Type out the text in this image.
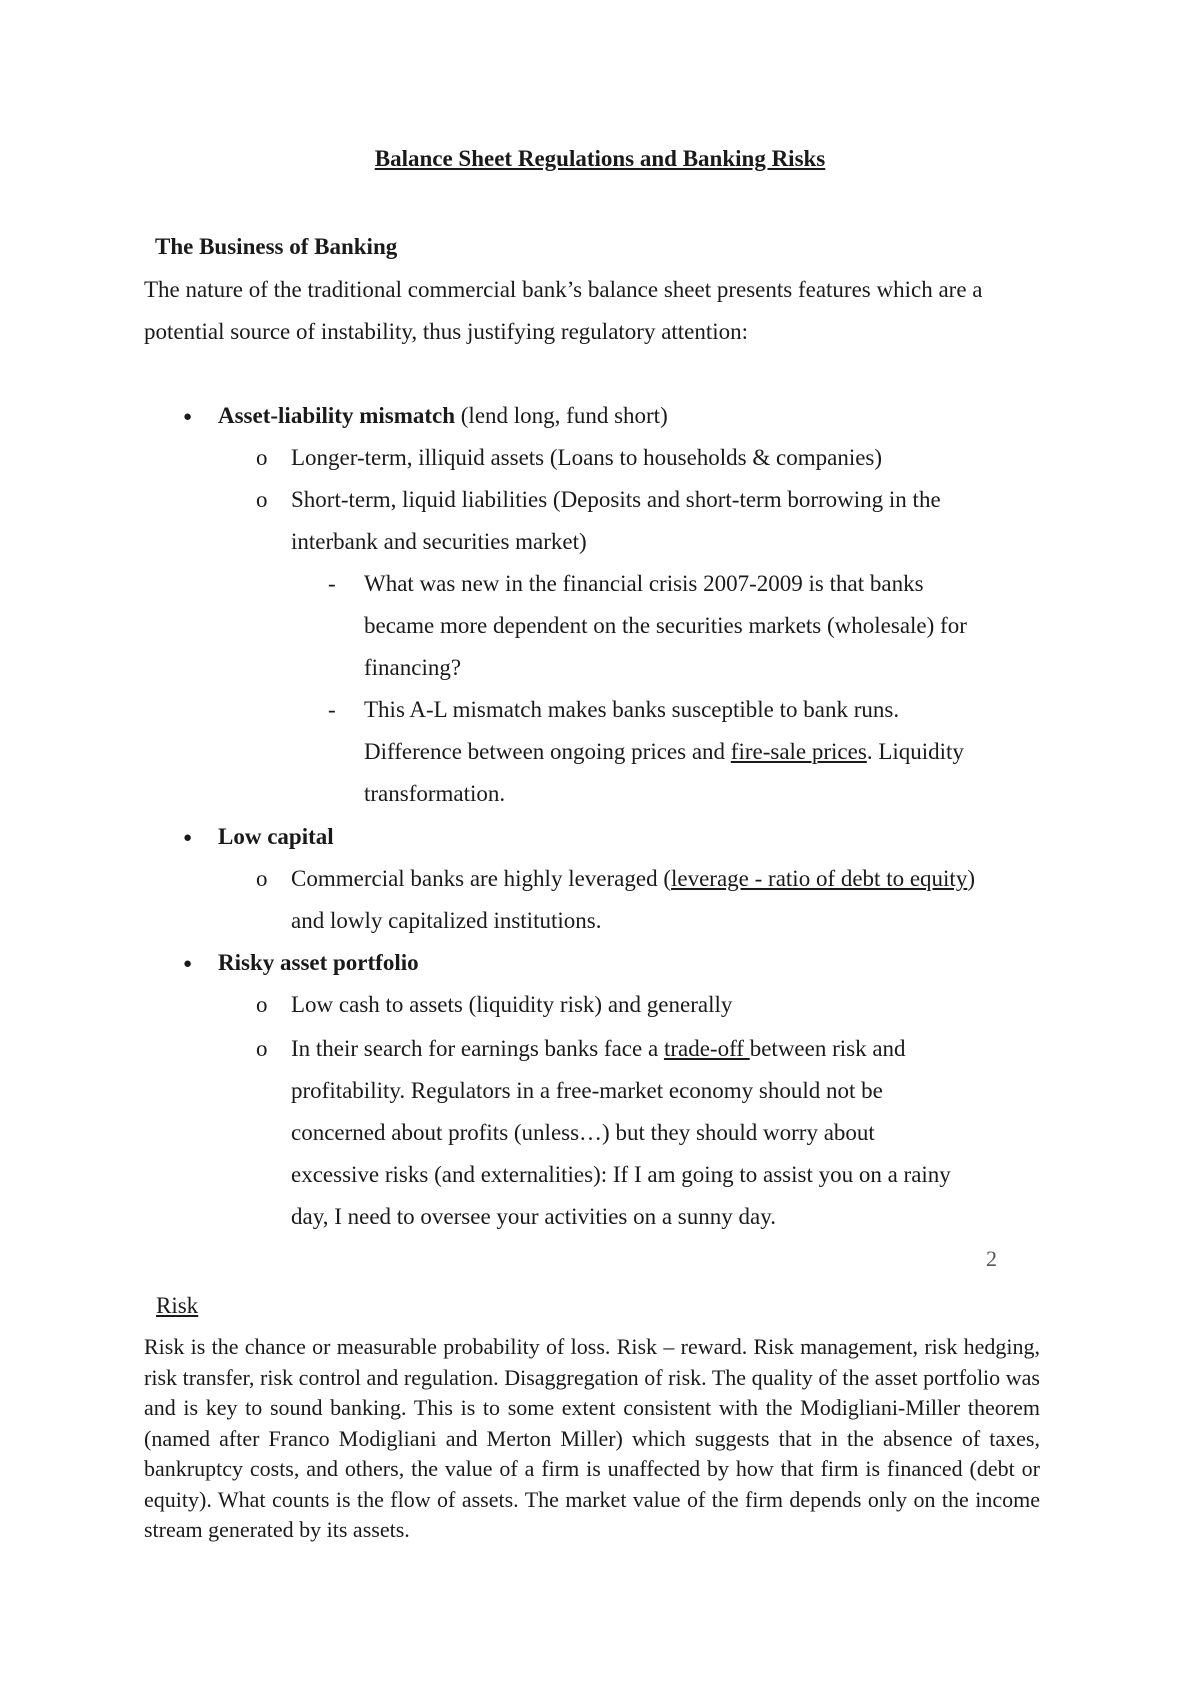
Balance Sheet Regulations and Banking Risks
The Business of Banking
The nature of the traditional commercial bank’s balance sheet presents features which are a
potential source of instability, thus justifying regulatory attention:
● Asset-liability mismatch (lend long, fund short)
o Longer-term, illiquid assets (Loans to households & companies)
o Short-term, liquid liabilities (Deposits and short-term borrowing in the
interbank and securities market)
- What was new in the financial crisis 2007-2009 is that banks
became more dependent on the securities markets (wholesale) for
financing?
- This A-L mismatch makes banks susceptible to bank runs.
Difference between ongoing prices and fire-sale prices. Liquidity
transformation.
● Low capital
o Commercial banks are highly leveraged (leverage - ratio of debt to equity)
and lowly capitalized institutions.
● Risky asset portfolio
o Low cash to assets (liquidity risk) and generally
o In their search for earnings banks face a trade-off between risk and
profitability. Regulators in a free-market economy should not be
concerned about profits (unless…) but they should worry about
excessive risks (and externalities): If I am going to assist you on a rainy
day, I need to oversee your activities on a sunny day.
2
Risk
Risk is the chance or measurable probability of loss. Risk – reward. Risk management, risk hedging, risk transfer, risk control and regulation. Disaggregation of risk. The quality of the asset portfolio was and is key to sound banking. This is to some extent consistent with the Modigliani-Miller theorem (named after Franco Modigliani and Merton Miller) which suggests that in the absence of taxes, bankruptcy costs, and others, the value of a firm is unaffected by how that firm is financed (debt or equity). What counts is the flow of assets. The market value of the firm depends only on the income stream generated by its assets.
